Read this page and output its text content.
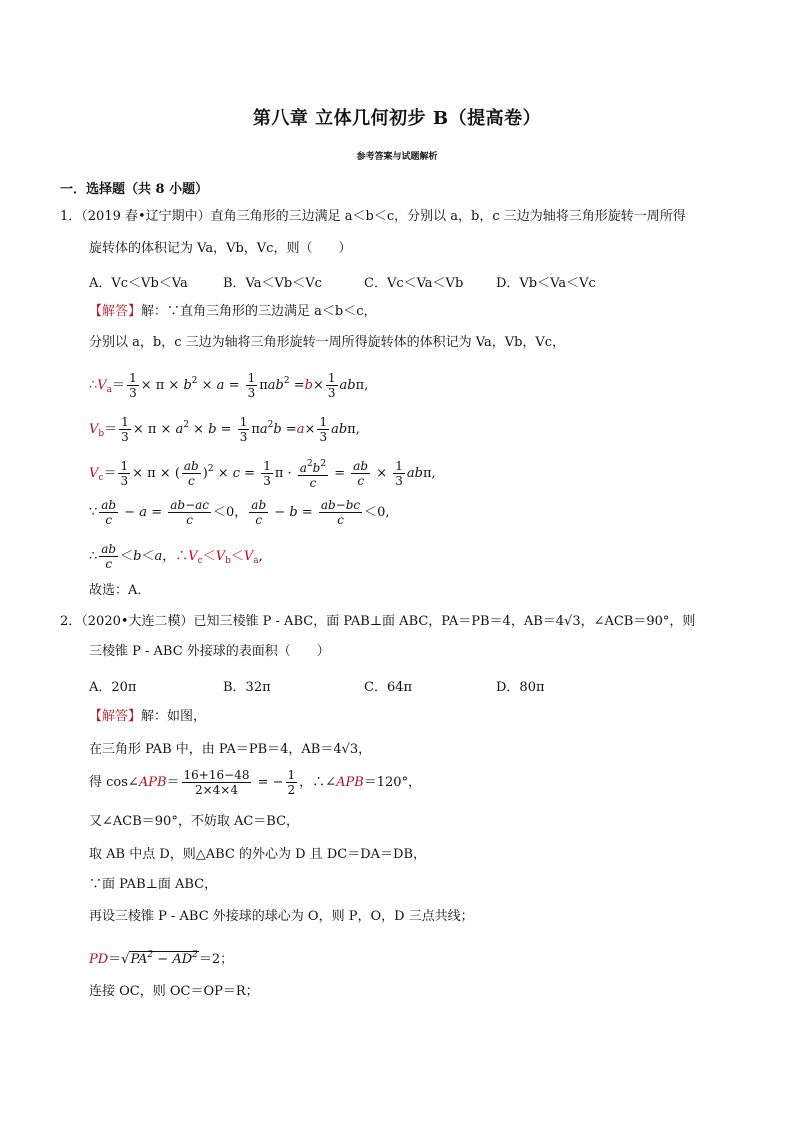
第八章 立体几何初步 B（提高卷）
参考答案与试题解析
一．选择题（共 8 小题）
1．（2019 春•辽宁期中）直角三角形的三边满足 a＜b＜c，分别以 a，b，c 三边为轴将三角形旋转一周所得
旋转体的体积记为 Va，Vb，Vc，则（　　）
A．Vc＜Vb＜Va	B．Va＜Vb＜Vc	C．Vc＜Va＜Vb	D．Vb＜Va＜Vc
【解答】解：∵直角三角形的三边满足 a＜b＜c，
分别以 a，b，c 三边为轴将三角形旋转一周所得旋转体的体积记为 Va，Vb，Vc，
$\therefore V_a= \frac{1}{3} \times \pi \times b^2 \times a = \frac{1}{3} \pi ab^2 =b\times \frac{1}{3} ab\pi$,
$V_b= \frac{1}{3} \times \pi \times a^2 \times b = \frac{1}{3} \pi a^2b =a\times \frac{1}{3} ab\pi$,
$V_c= \frac{1}{3} \times \pi$ × ( $\frac{ab}{c} )^2 \times c = \frac{1}{3}$ $\pi \cdot \frac{a^2b^2}{c} = \frac{ab}{c} \times \frac{1}{3} ab\pi$,
∵ $\frac{ab}{c} - a = \frac{ab-ac}{c} <0$， $\frac{ab}{c} - b = \frac{ab-bc}{c} <0$,
∴ $\frac{ab}{c} <b<a$，$\therefore V_c<V_b<V_a$,
故选：A．
2．（2020•大连二模）已知三棱锥 P - ABC，面 PAB⊥面 ABC，PA＝PB＝4，AB＝4√3，∠ACB＝90°，则
三棱锥 P - ABC 外接球的表面积（　　）
A．20π	B．32π	C．64π	D．80π
【解答】解：如图，
在三角形 PAB 中，由 PA＝PB＝4，AB＝4√3，
得 cos∠APB＝ $\frac{16+16-48}{2\times 4\times 4}$ = − $\frac{1}{2}$ ，∴∠APB＝120°，
又∠ACB＝90°，不妨取 AC＝BC，
取 AB 中点 D，则△ABC 的外心为 D 且 DC＝DA＝DB，
∵面 PAB⊥面 ABC，
再设三棱锥 P - ABC 外接球的球心为 O，则 P，O，D 三点共线；
$PD=√PA^2 - AD^2=2$；
连接 OC，则 OC＝OP＝R；
